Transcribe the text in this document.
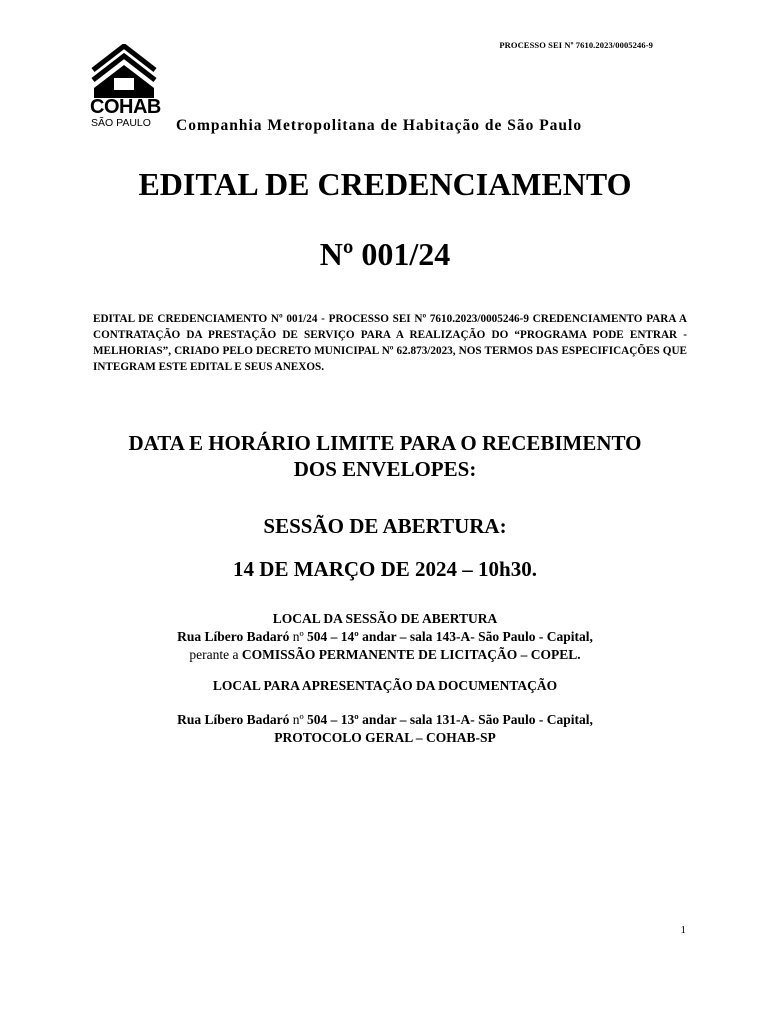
PROCESSO SEI Nº 7610.2023/0005246-9
COHAB
SÃO PAULO Companhia Metropolitana de Habitação de São Paulo
EDITAL DE CREDENCIAMENTO
Nº 001/24

EDITAL DE CREDENCIAMENTO Nº 001/24 - PROCESSO SEI Nº 7610.2023/0005246-9 CREDENCIAMENTO PARA A CONTRATAÇÃO DA PRESTAÇÃO DE SERVIÇO PARA A REALIZAÇÃO DO “PROGRAMA PODE ENTRAR - MELHORIAS”, CRIADO PELO DECRETO MUNICIPAL Nº 62.873/2023, NOS TERMOS DAS ESPECIFICAÇÕES QUE INTEGRAM ESTE EDITAL E SEUS ANEXOS.

DATA E HORÁRIO LIMITE PARA O RECEBIMENTO
DOS ENVELOPES:
SESSÃO DE ABERTURA:
14 DE MARÇO DE 2024 – 10h30.
LOCAL DA SESSÃO DE ABERTURA
Rua Líbero Badaró nº 504 – 14º andar – sala 143-A- São Paulo - Capital,
perante a COMISSÃO PERMANENTE DE LICITAÇÃO – COPEL.
LOCAL PARA APRESENTAÇÃO DA DOCUMENTAÇÃO
Rua Líbero Badaró nº 504 – 13º andar – sala 131-A- São Paulo - Capital,
PROTOCOLO GERAL – COHAB-SP
1
